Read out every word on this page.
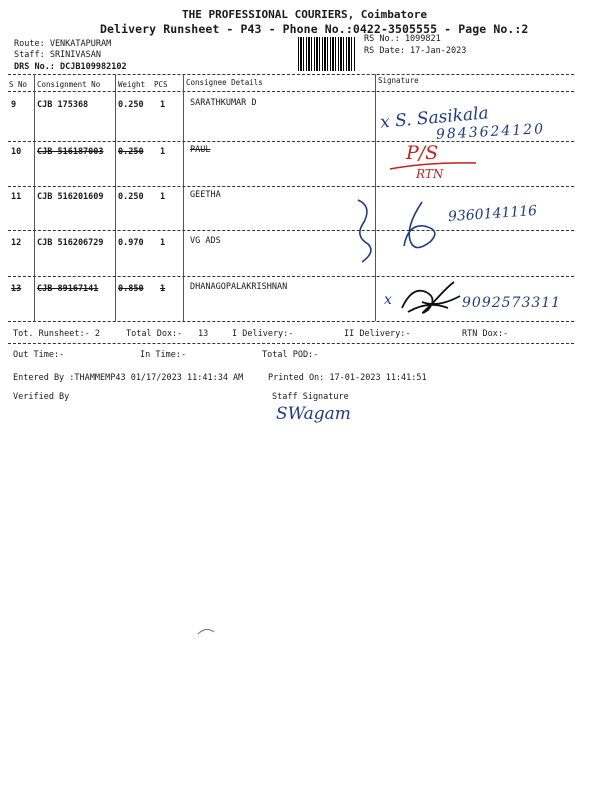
THE PROFESSIONAL COURIERS, Coimbatore
Delivery Runsheet - P43 - Phone No.:0422-3505555 - Page No.:2
Route: VENKATAPURAM
Staff: SRINIVASAN
DRS No.: DCJB109982102
RS No.: 1099821
RS Date: 17-Jan-2023
S No Consignment No Weight PCS Consignee Details	Signature
9 CJB 175368	0.250 1	SARATHKUMAR D
x S. Sasikala
9843624120
10 CJB 516187003 0.250 1	PAUL	P/S
RTN
11 CJB 516201609 0.250 1	GEETHA
9360141116
12 CJB 516206729 0.970 1	VG ADS
13 CJB 89167141 0.850 1	DHANAGOPALAKRISHNAN
x	9092573311
Tot. Runsheet:- 2	Total Dox:- 13	I Delivery:-	II Delivery:-	RTN Dox:-
Out Time:-	In Time:-	Total POD:-
Entered By :THAMMEMP43 01/17/2023 11:41:34 AM	Printed On: 17-01-2023 11:41:51
Verified By	Staff Signature
SWagam
